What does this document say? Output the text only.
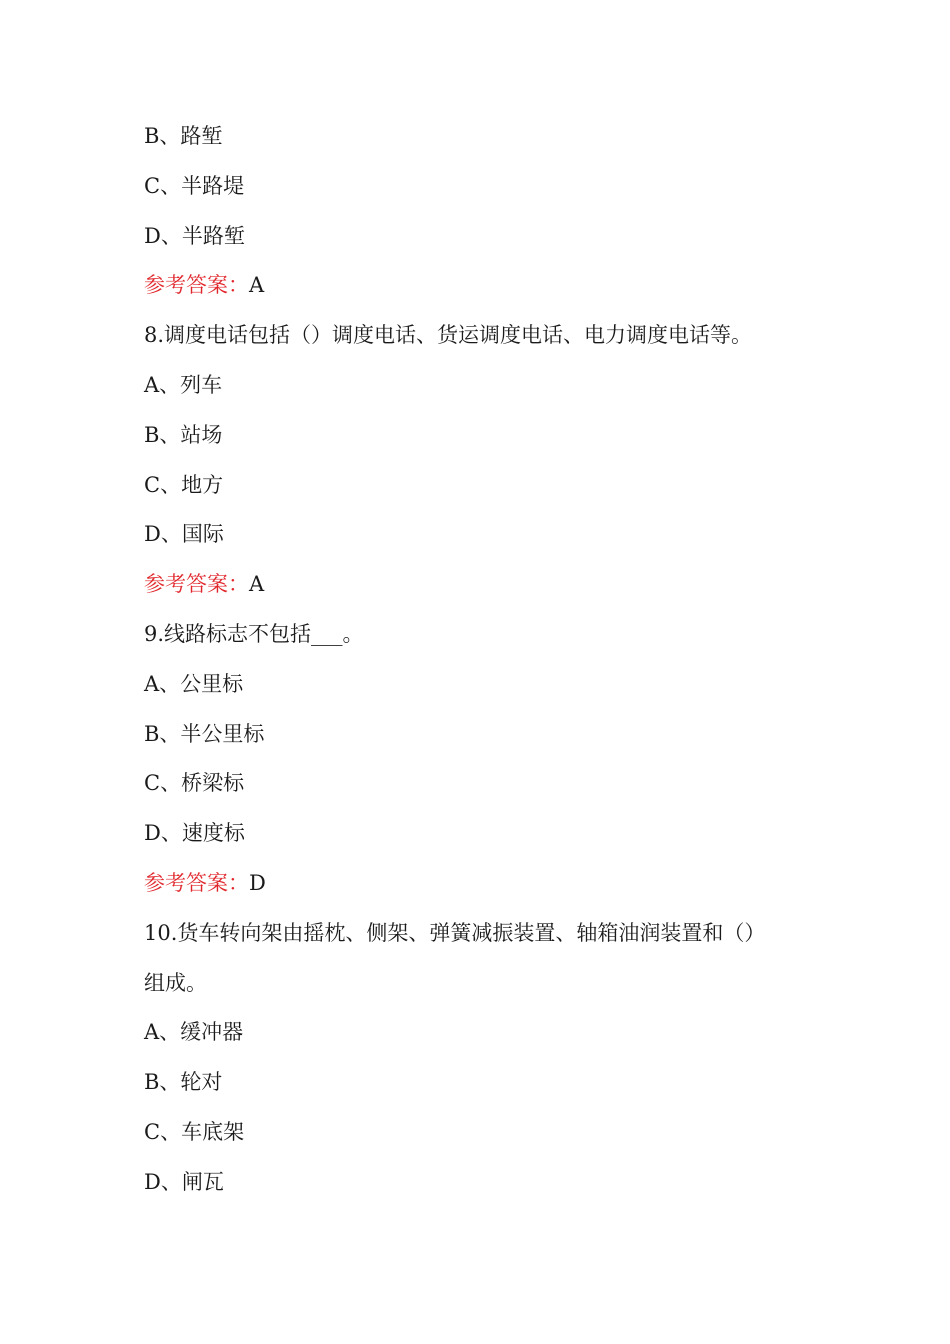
B、路堑
C、半路堤
D、半路堑
参考答案：A
8.调度电话包括（）调度电话、货运调度电话、电力调度电话等。
A、列车
B、站场
C、地方
D、国际
参考答案：A
9.线路标志不包括___。
A、公里标
B、半公里标
C、桥梁标
D、速度标
参考答案：D
10.货车转向架由摇枕、侧架、弹簧减振装置、轴箱油润装置和（）
组成。
A、缓冲器
B、轮对
C、车底架
D、闸瓦
